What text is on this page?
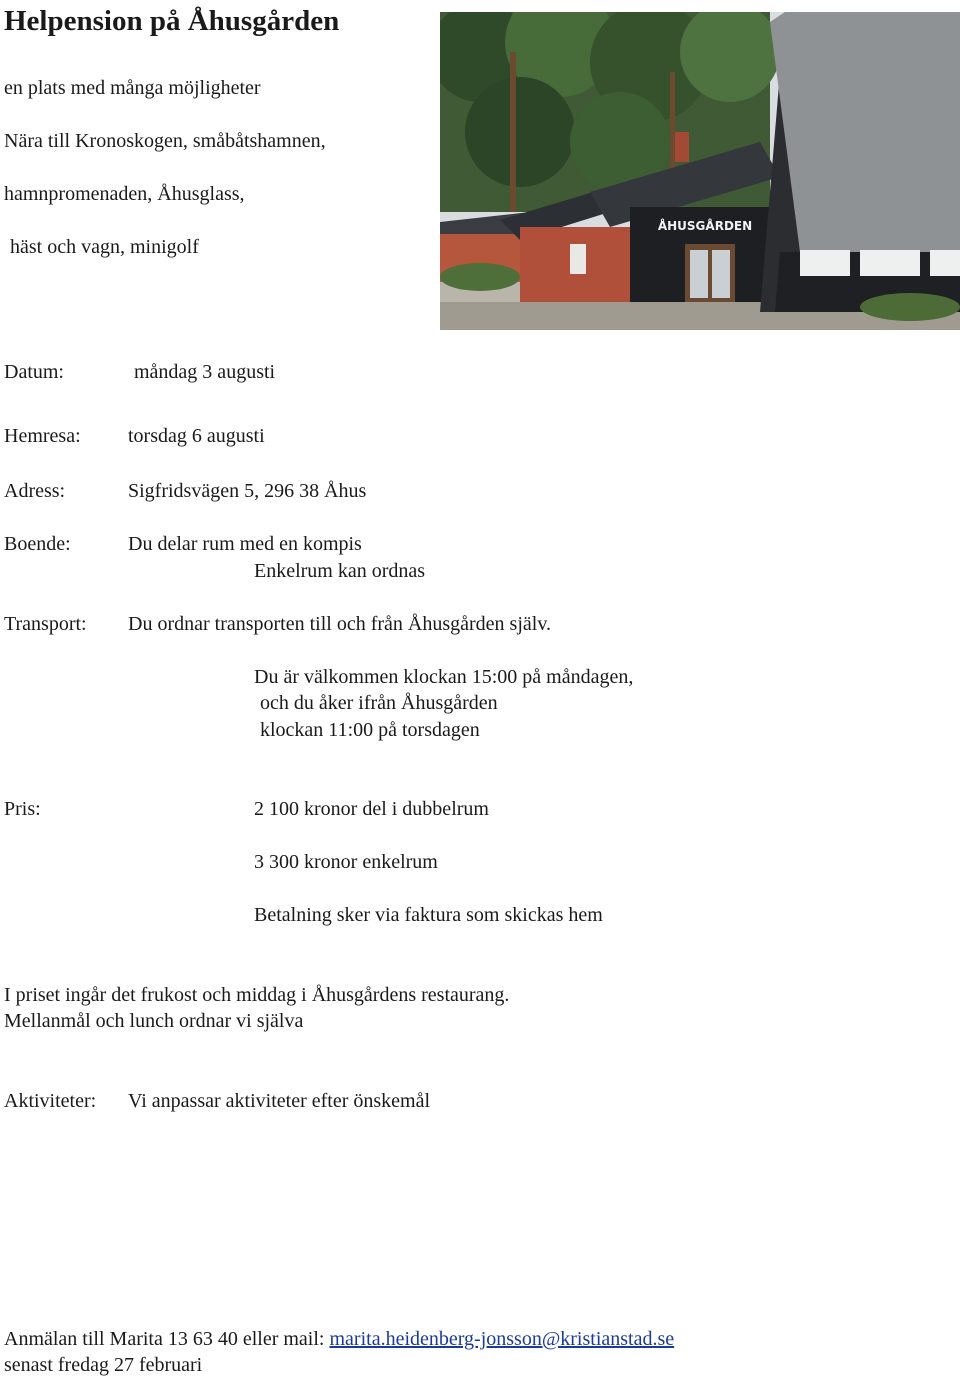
Helpension på Åhusgården
en plats med många möjligheter
Nära till Kronoskogen, småbåtshamnen,
hamnpromenaden, Åhusglass,
häst och vagn, minigolf
ÅHUSGÅRDEN
Datum:	måndag 3 augusti
Hemresa: torsdag 6 augusti
Adress:	Sigfridsvägen 5, 296 38 Åhus
Boende:	Du delar rum med en kompis
Enkelrum kan ordnas
Transport: Du ordnar transporten till och från Åhusgården själv.
Du är välkommen klockan 15:00 på måndagen,
och du åker ifrån Åhusgården
klockan 11:00 på torsdagen
Pris:	2 100 kronor del i dubbelrum
3 300 kronor enkelrum
Betalning sker via faktura som skickas hem
I priset ingår det frukost och middag i Åhusgårdens restaurang.
Mellanmål och lunch ordnar vi själva
Aktiviteter: Vi anpassar aktiviteter efter önskemål
Anmälan till Marita 13 63 40 eller mail: marita.heidenberg-jonsson@kristianstad.se
senast fredag 27 februari
